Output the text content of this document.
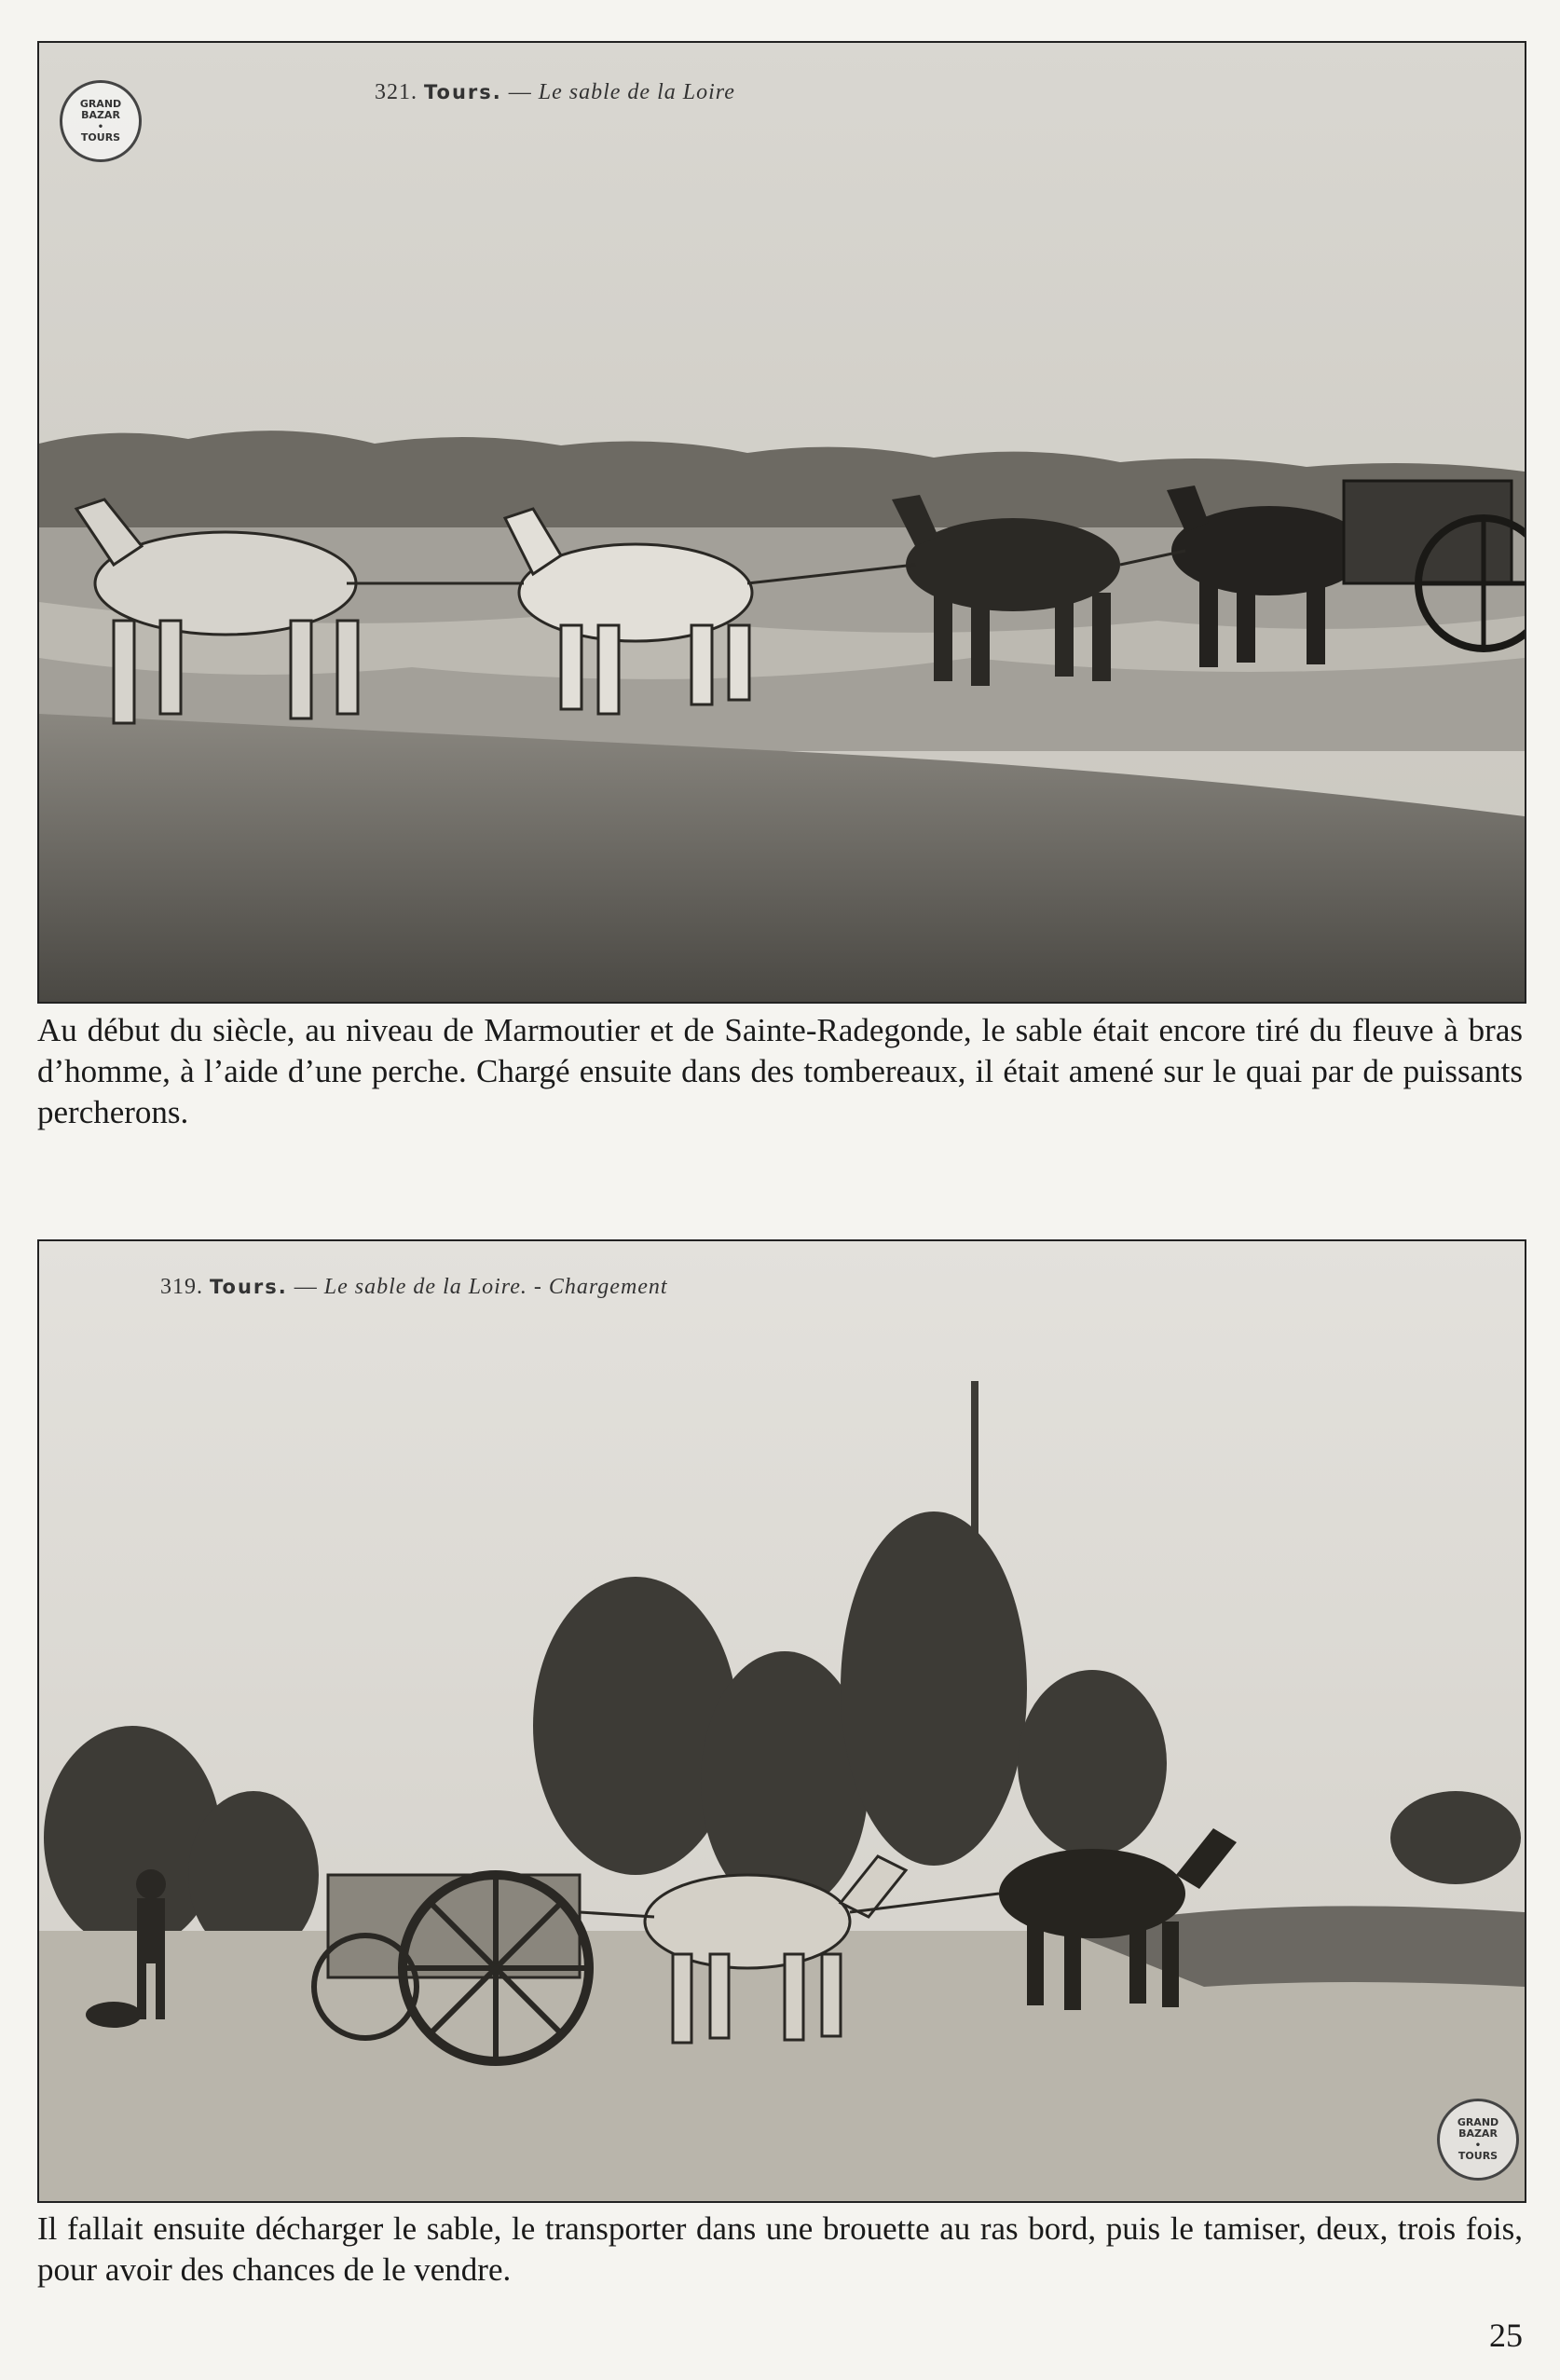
321. Tours. — Le sable de la Loire
GRAND BAZAR
•
TOURS
Au début du siècle, au niveau de Marmoutier et de Sainte-Radegonde, le sable était encore tiré du fleuve à bras d’homme, à l’aide d’une perche. Chargé ensuite dans des tombereaux, il était amené sur le quai par de puissants percherons.
319. Tours. — Le sable de la Loire. - Chargement
GRAND BAZAR
•
TOURS
Il fallait ensuite décharger le sable, le transporter dans une brouette au ras bord, puis le tamiser, deux, trois fois, pour avoir des chances de le vendre.
25
